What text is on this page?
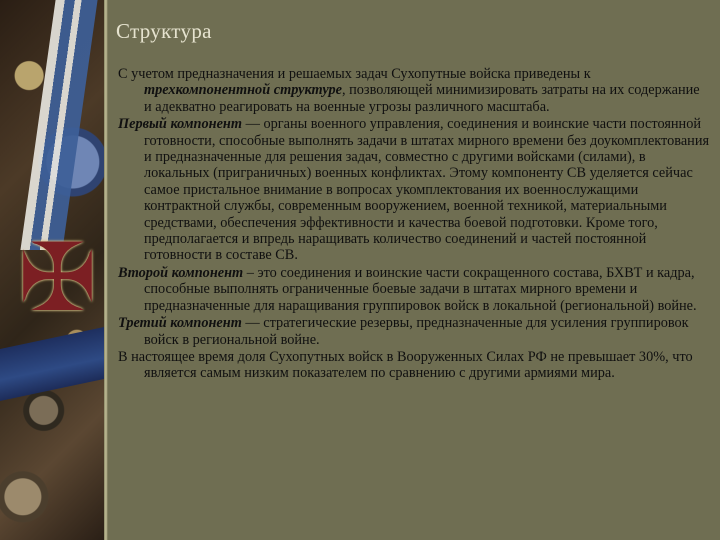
✠
Структура

С учетом предназначения и решаемых задач Сухопутные войска приведены к трехкомпонентной структуре, позволяющей минимизировать затраты на их содержание и адекватно реагировать на военные угрозы различного масштаба.

Первый компонент — органы военного управления, соединения и воинские части постоянной готовности, способные выполнять задачи в штатах мирного времени без доукомплектования и предназначенные для решения задач, совместно с другими войсками (силами), в локальных (приграничных) военных конфликтах. Этому компоненту СВ уделяется сейчас самое пристальное внимание в вопросах укомплектования их военнослужащими контрактной службы, современным вооружением, военной техникой, материальными средствами, обеспечения эффективности и качества боевой подготовки. Кроме того, предполагается и впредь наращивать количество соединений и частей постоянной готовности в составе СВ.

Второй компонент – это соединения и воинские части сокращенного состава, БХВТ и кадра, способные выполнять ограниченные боевые задачи в штатах мирного времени и предназначенные для наращивания группировок войск в локальной (региональной) войне.

Третий компонент — стратегические резервы, предназначенные для усиления группировок войск в региональной войне.

В настоящее время доля Сухопутных войск в Вооруженных Силах РФ не превышает 30%, что является самым низким показателем по сравнению с другими армиями мира.
